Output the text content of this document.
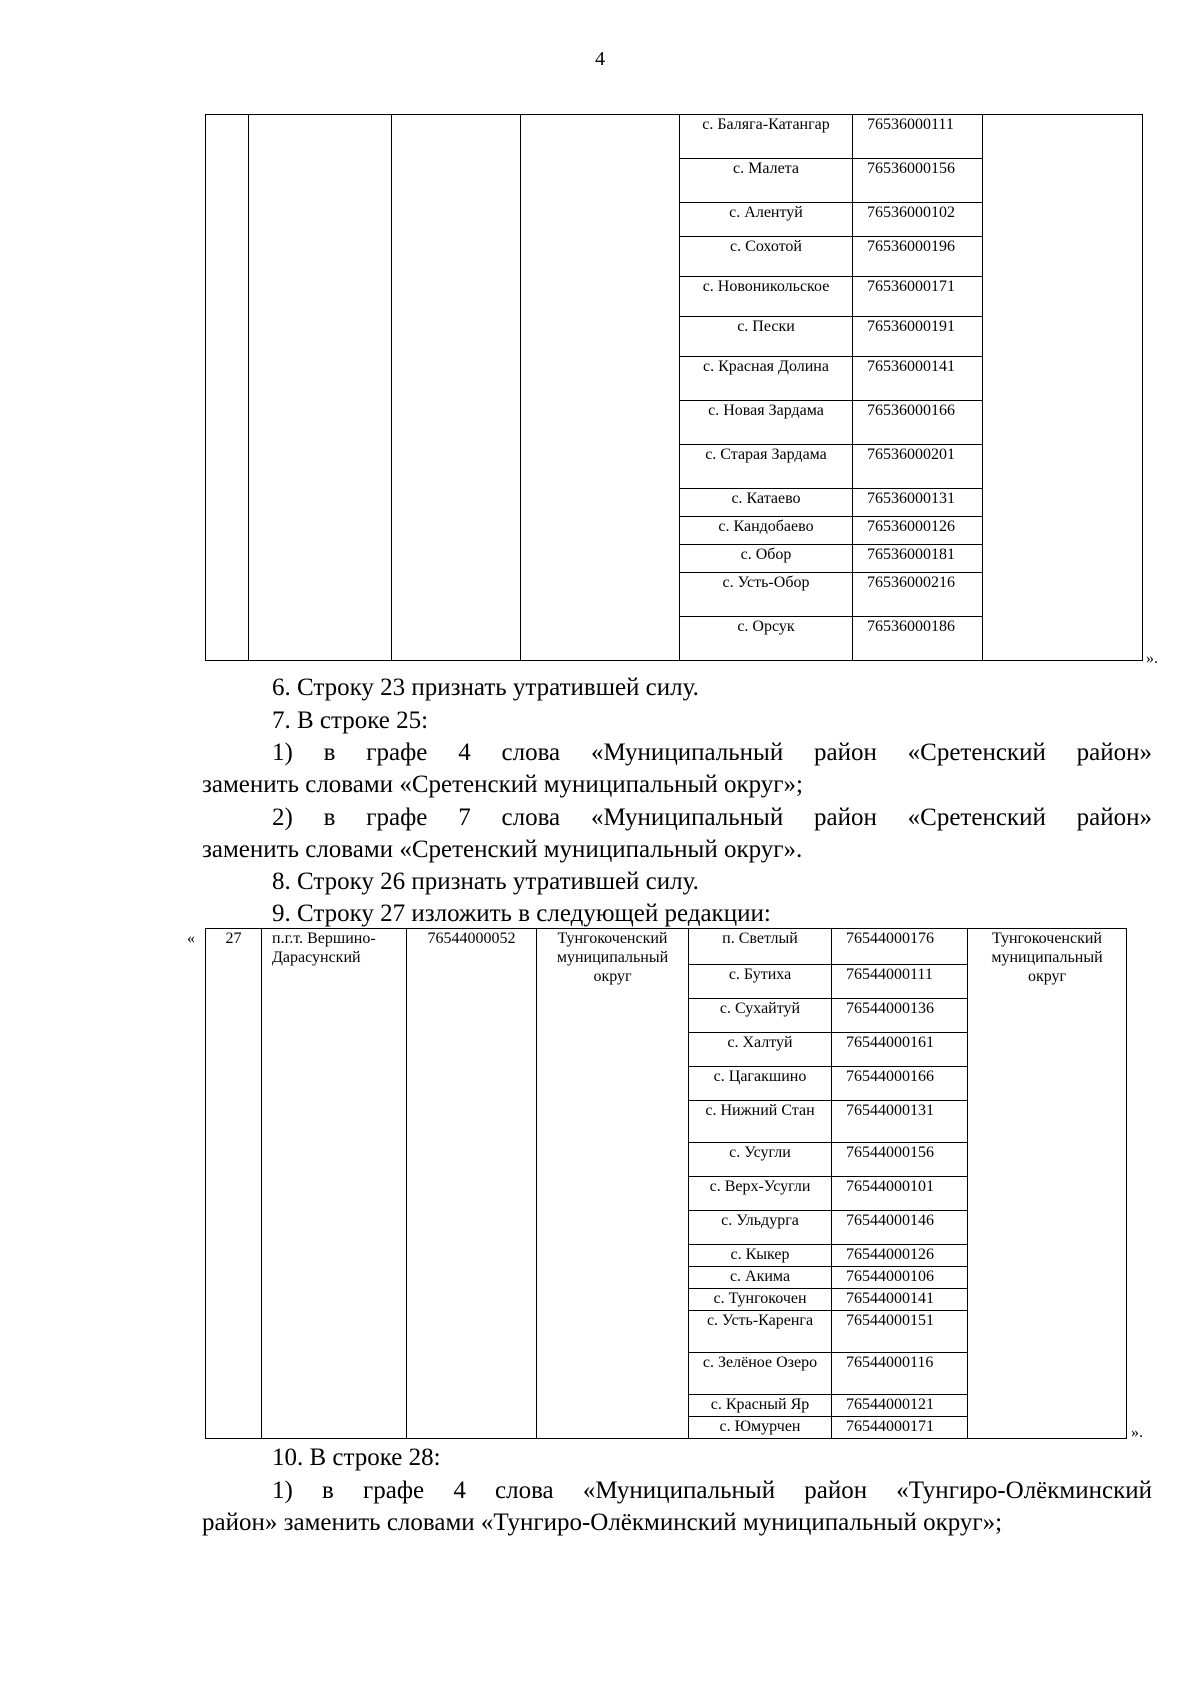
4
				с. Баляга-Катангар	76536000111	
				с. Малета	76536000156	
				с. Алентуй	76536000102	
				с. Сохотой	76536000196	
				с. Новоникольское	76536000171	
				с. Пески	76536000191	
				с. Красная Долина	76536000141	
				с. Новая Зардама	76536000166	
				с. Старая Зардама	76536000201	
				с. Катаево	76536000131	
				с. Кандобаево	76536000126	
				с. Обор	76536000181	
				с. Усть-Обор	76536000216	
				с. Орсук	76536000186	
».
6. Строку 23 признать утратившей силу.
7. В строке 25:
1) в графе 4 слова «Муниципальный район «Сретенский район»
заменить словами «Сретенский муниципальный округ»;
2) в графе 7 слова «Муниципальный район «Сретенский район»
заменить словами «Сретенский муниципальный округ».
8. Строку 26 признать утратившей силу.
9. Строку 27 изложить в следующей редакции:
« 27	п.г.т. Вершино-Дарасунский	76544000052	Тунгокоченский муниципальный округ	п. Светлый	76544000176	Тунгокоченский муниципальный округ
				с. Бутиха	76544000111	
				с. Сухайтуй	76544000136	
				с. Халтуй	76544000161	
				с. Цагакшино	76544000166	
				с. Нижний Стан	76544000131	
				с. Усугли	76544000156	
				с. Верх-Усугли	76544000101	
				с. Ульдурга	76544000146	
				с. Кыкер	76544000126	
				с. Акима	76544000106	
				с. Тунгокочен	76544000141	
				с. Усть-Каренга	76544000151	
				с. Зелёное Озеро	76544000116	
				с. Красный Яр	76544000121	
				с. Юмурчен	76544000171		».
10. В строке 28:
1) в графе 4 слова «Муниципальный район «Тунгиро-Олёкминский
район» заменить словами «Тунгиро-Олёкминский муниципальный округ»;
